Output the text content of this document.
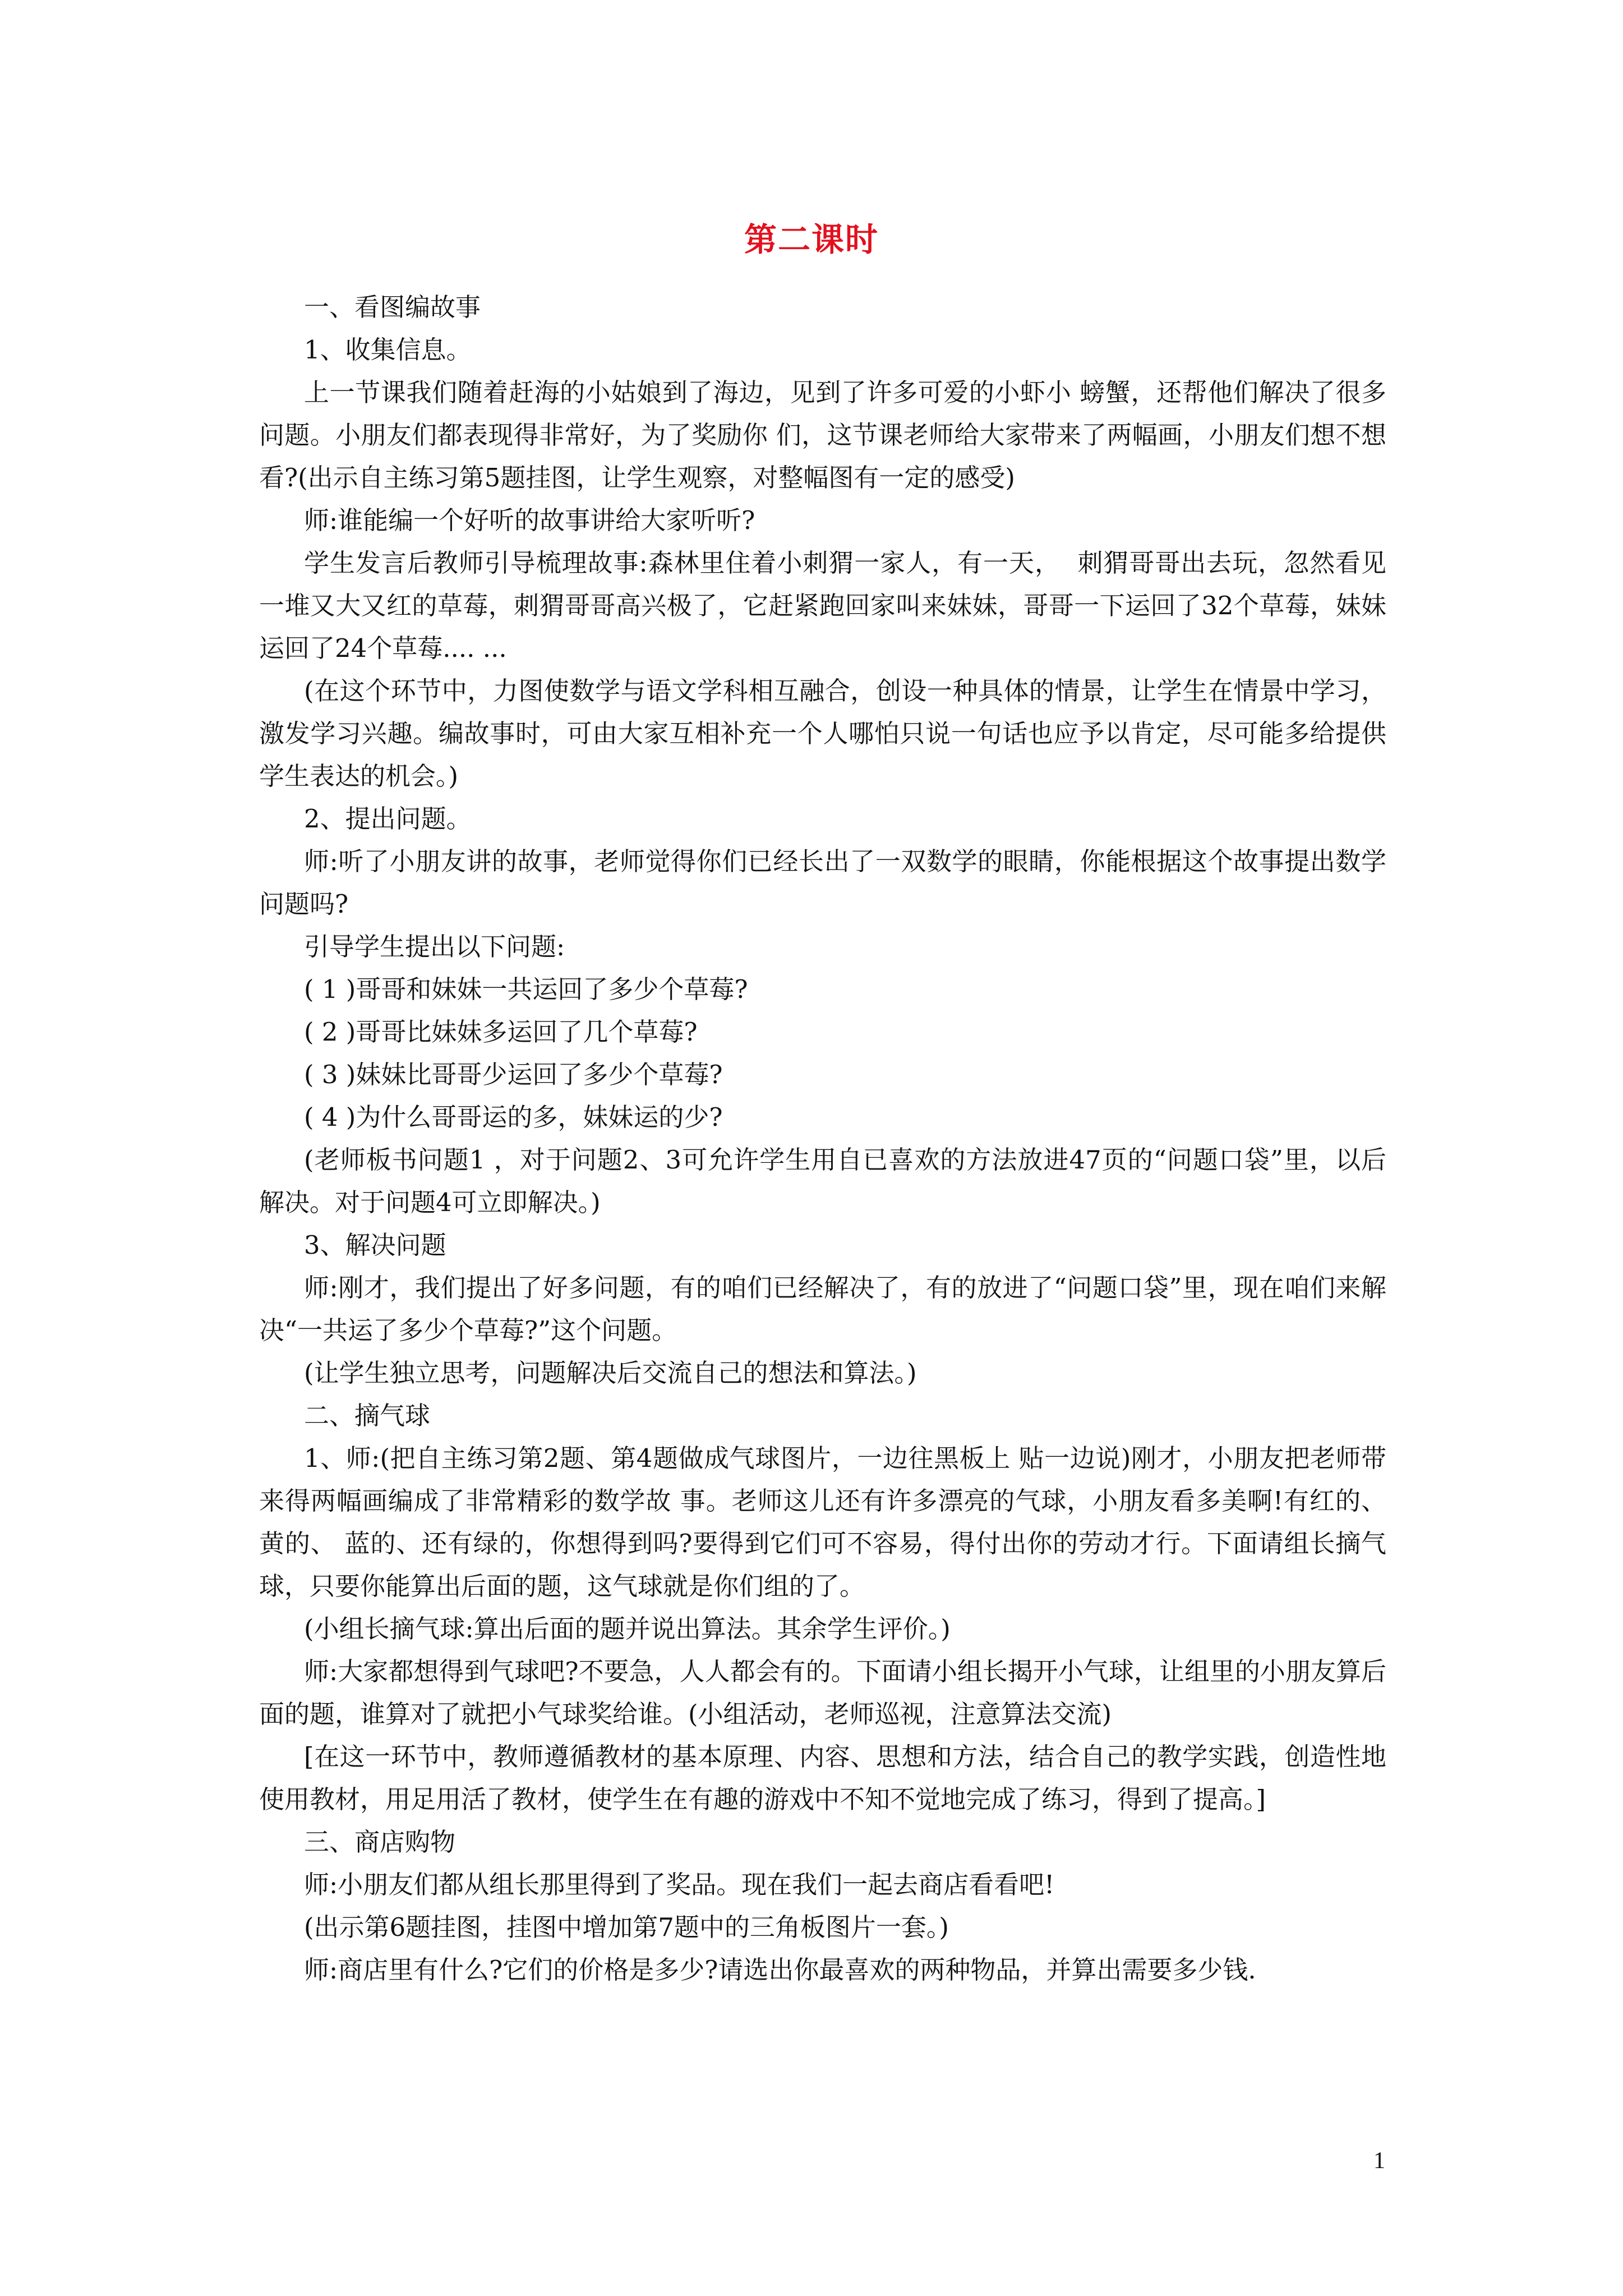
第二课时

一、看图编故事

1、收集信息。

上一节课我们随着赶海的小姑娘到了海边，见到了许多可爱的小虾小 螃蟹，还帮他们解决了很多问题。小朋友们都表现得非常好，为了奖励你 们，这节课老师给大家带来了两幅画，小朋友们想不想看?(出示自主练习第5题挂图，让学生观察，对整幅图有一定的感受)

师:谁能编一个好听的故事讲给大家听听?

学生发言后教师引导梳理故事:森林里住着小刺猬一家人，有一天，  刺猬哥哥出去玩，忽然看见一堆又大又红的草莓，刺猬哥哥高兴极了，它赶紧跑回家叫来妹妹，哥哥一下运回了32个草莓，妹妹运回了24个草莓.... ...

(在这个环节中，力图使数学与语文学科相互融合，创设一种具体的情景，让学生在情景中学习，激发学习兴趣。编故事时，可由大家互相补充一个人哪怕只说一句话也应予以肯定，尽可能多给提供学生表达的机会。)

2、提出问题。

师:听了小朋友讲的故事，老师觉得你们已经长出了一双数学的眼睛，你能根据这个故事提出数学问题吗?

引导学生提出以下问题:

( 1 )哥哥和妹妹一共运回了多少个草莓?

( 2 )哥哥比妹妹多运回了几个草莓?

( 3 )妹妹比哥哥少运回了多少个草莓?

( 4 )为什么哥哥运的多，妹妹运的少?

(老师板书问题1 ，对于问题2、3可允许学生用自已喜欢的方法放进47页的“问题口袋”里，以后解决。对于问题4可立即解决。)

3、解决问题

师:刚才，我们提出了好多问题，有的咱们已经解决了，有的放进了“问题口袋”里，现在咱们来解决“一共运了多少个草莓?”这个问题。

(让学生独立思考，问题解决后交流自己的想法和算法。)

二、摘气球

1、师:(把自主练习第2题、第4题做成气球图片，一边往黑板上 贴一边说)刚才，小朋友把老师带来得两幅画编成了非常精彩的数学故 事。老师这儿还有许多漂亮的气球，小朋友看多美啊!有红的、黄的、 蓝的、还有绿的，你想得到吗?要得到它们可不容易，得付出你的劳动才行。下面请组长摘气球，只要你能算出后面的题，这气球就是你们组的了。

(小组长摘气球:算出后面的题并说出算法。其余学生评价。)

师:大家都想得到气球吧?不要急，人人都会有的。下面请小组长揭开小气球，让组里的小朋友算后面的题，谁算对了就把小气球奖给谁。(小组活动，老师巡视，注意算法交流)

[在这一环节中，教师遵循教材的基本原理、内容、思想和方法，结合自己的教学实践，创造性地使用教材，用足用活了教材，使学生在有趣的游戏中不知不觉地完成了练习，得到了提高。]

三、商店购物

师:小朋友们都从组长那里得到了奖品。现在我们一起去商店看看吧!

(出示第6题挂图，挂图中增加第7题中的三角板图片一套。)

师:商店里有什么?它们的价格是多少?请选出你最喜欢的两种物品，并算出需要多少钱.

1
